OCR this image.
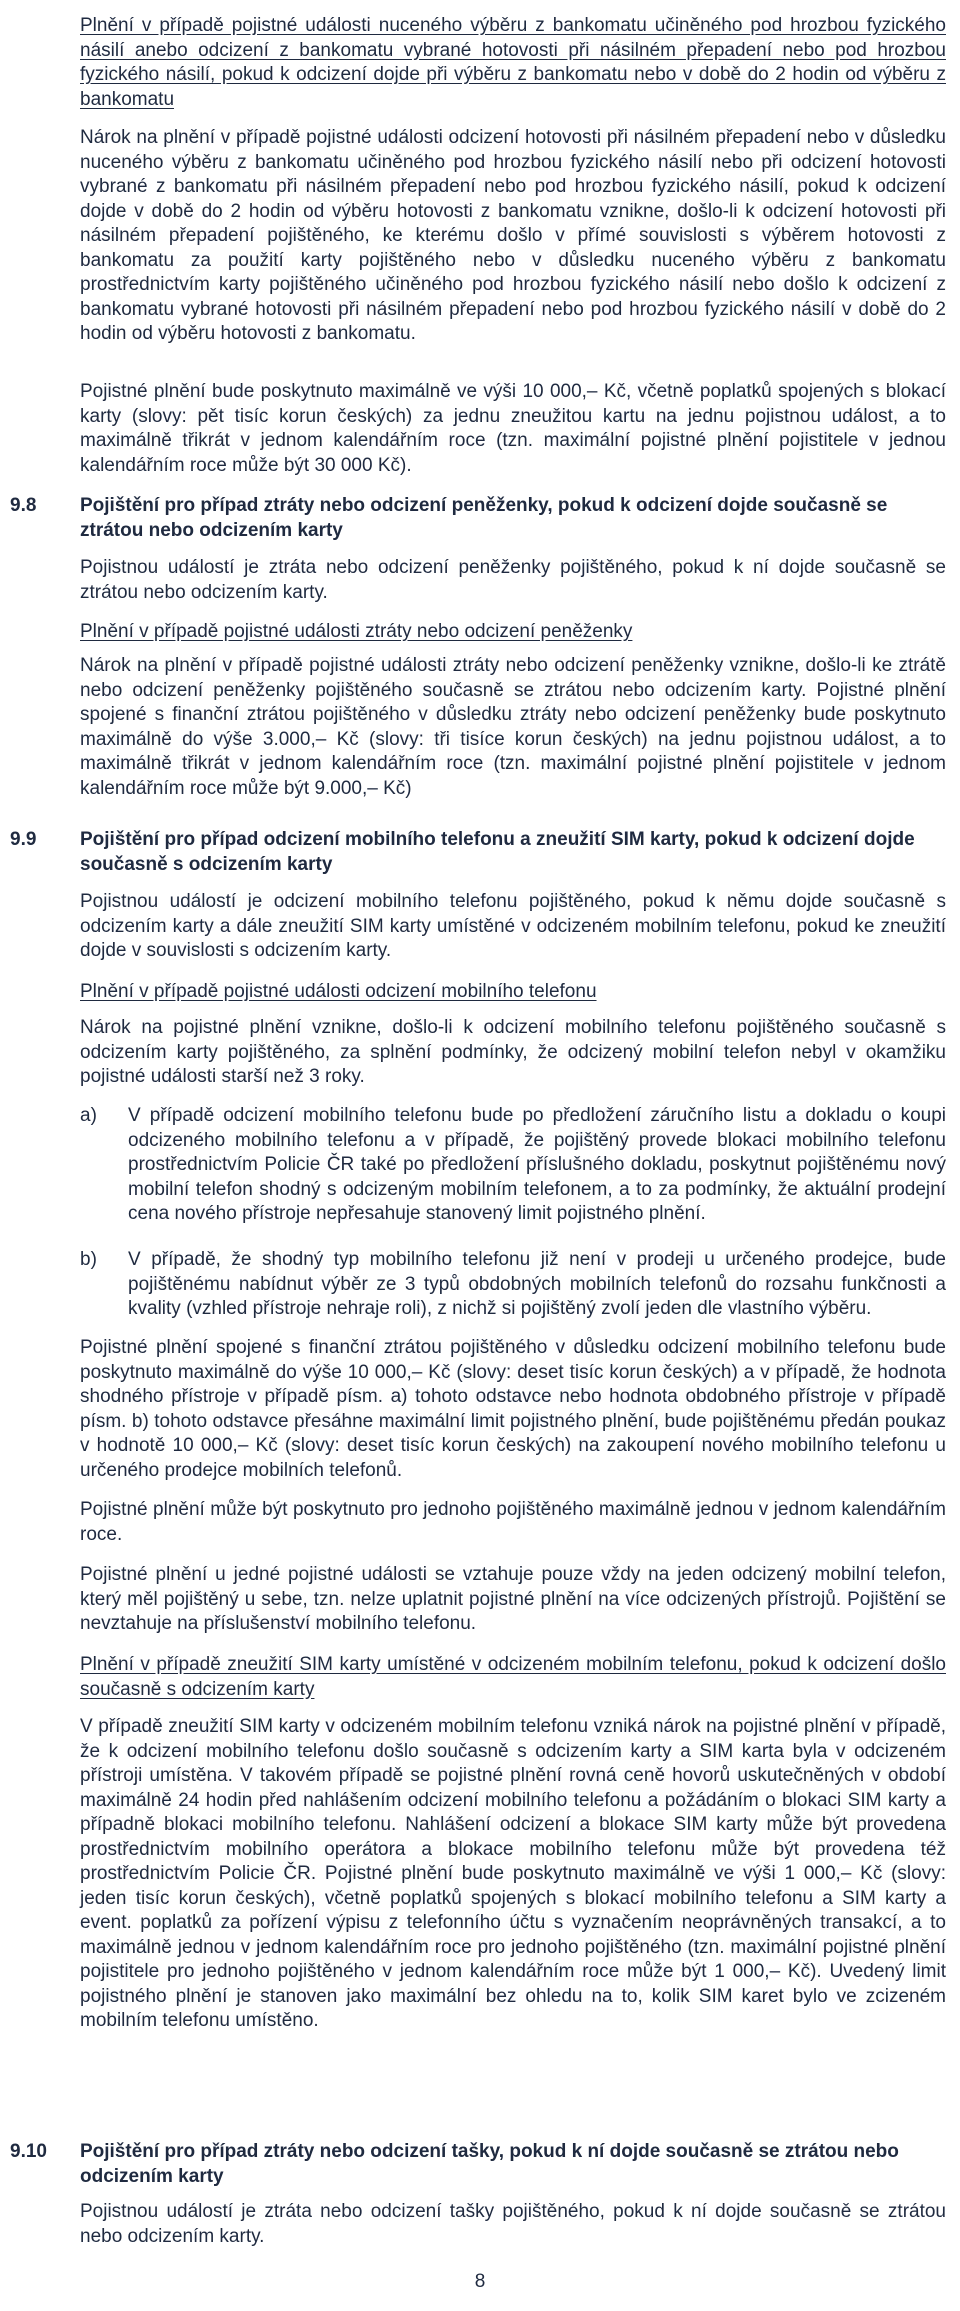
Plnění v případě pojistné události nuceného výběru z bankomatu učiněného pod hrozbou fyzického násilí anebo odcizení z bankomatu vybrané hotovosti při násilném přepadení nebo pod hrozbou fyzického násilí, pokud k odcizení dojde při výběru z bankomatu nebo v době do 2 hodin od výběru z bankomatu

Nárok na plnění v případě pojistné události odcizení hotovosti při násilném přepadení nebo v důsledku nuceného výběru z bankomatu učiněného pod hrozbou fyzického násilí nebo při odcizení hotovosti vybrané z bankomatu při násilném přepadení nebo pod hrozbou fyzického násilí, pokud k odcizení dojde v době do 2 hodin od výběru hotovosti z bankomatu vznikne, došlo-li k odcizení hotovosti při násilném přepadení pojištěného, ke kterému došlo v přímé souvislosti s výběrem hotovosti z bankomatu za použití karty pojištěného nebo v důsledku nuceného výběru z bankomatu prostřednictvím karty pojištěného učiněného pod hrozbou fyzického násilí nebo došlo k odcizení z bankomatu vybrané hotovosti při násilném přepadení nebo pod hrozbou fyzického násilí v době do 2 hodin od výběru hotovosti z bankomatu.

Pojistné plnění bude poskytnuto maximálně ve výši 10 000,– Kč, včetně poplatků spojených s blokací karty (slovy: pět tisíc korun českých) za jednu zneužitou kartu na jednu pojistnou událost, a to maximálně třikrát v jednom kalendářním roce (tzn. maximální pojistné plnění pojistitele v jednou kalendářním roce může být 30 000 Kč).

9.8 Pojištění pro případ ztráty nebo odcizení peněženky, pokud k odcizení dojde současně se ztrátou nebo odcizením karty

Pojistnou událostí je ztráta nebo odcizení peněženky pojištěného, pokud k ní dojde současně se ztrátou nebo odcizením karty.

Plnění v případě pojistné události ztráty nebo odcizení peněženky

Nárok na plnění v případě pojistné události ztráty nebo odcizení peněženky vznikne, došlo-li ke ztrátě nebo odcizení peněženky pojištěného současně se ztrátou nebo odcizením karty. Pojistné plnění spojené s finanční ztrátou pojištěného v důsledku ztráty nebo odcizení peněženky bude poskytnuto maximálně do výše 3.000,– Kč (slovy: tři tisíce korun českých) na jednu pojistnou událost, a to maximálně třikrát v jednom kalendářním roce (tzn. maximální pojistné plnění pojistitele v jednom kalendářním roce může být 9.000,– Kč)

9.9 Pojištění pro případ odcizení mobilního telefonu a zneužití SIM karty, pokud k odcizení dojde současně s odcizením karty

Pojistnou událostí je odcizení mobilního telefonu pojištěného, pokud k němu dojde současně s odcizením karty a dále zneužití SIM karty umístěné v odcizeném mobilním telefonu, pokud ke zneužití dojde v souvislosti s odcizením karty.

Plnění v případě pojistné události odcizení mobilního telefonu

Nárok na pojistné plnění vznikne, došlo-li k odcizení mobilního telefonu pojištěného současně s odcizením karty pojištěného, za splnění podmínky, že odcizený mobilní telefon nebyl v okamžiku pojistné události starší než 3 roky.

a) V případě odcizení mobilního telefonu bude po předložení záručního listu a dokladu o koupi odcizeného mobilního telefonu a v případě, že pojištěný provede blokaci mobilního telefonu prostřednictvím Policie ČR také po předložení příslušného dokladu, poskytnut pojištěnému nový mobilní telefon shodný s odcizeným mobilním telefonem, a to za podmínky, že aktuální prodejní cena nového přístroje nepřesahuje stanovený limit pojistného plnění.

b) V případě, že shodný typ mobilního telefonu již není v prodeji u určeného prodejce, bude pojištěnému nabídnut výběr ze 3 typů obdobných mobilních telefonů do rozsahu funkčnosti a kvality (vzhled přístroje nehraje roli), z nichž si pojištěný zvolí jeden dle vlastního výběru.

Pojistné plnění spojené s finanční ztrátou pojištěného v důsledku odcizení mobilního telefonu bude poskytnuto maximálně do výše 10 000,– Kč (slovy: deset tisíc korun českých) a v případě, že hodnota shodného přístroje v případě písm. a) tohoto odstavce nebo hodnota obdobného přístroje v případě písm. b) tohoto odstavce přesáhne maximální limit pojistného plnění, bude pojištěnému předán poukaz v hodnotě 10 000,– Kč (slovy: deset tisíc korun českých) na zakoupení nového mobilního telefonu u určeného prodejce mobilních telefonů.

Pojistné plnění může být poskytnuto pro jednoho pojištěného maximálně jednou v jednom kalendářním roce.

Pojistné plnění u jedné pojistné události se vztahuje pouze vždy na jeden odcizený mobilní telefon, který měl pojištěný u sebe, tzn. nelze uplatnit pojistné plnění na více odcizených přístrojů. Pojištění se nevztahuje na příslušenství mobilního telefonu.

Plnění v případě zneužití SIM karty umístěné v odcizeném mobilním telefonu, pokud k odcizení došlo současně s odcizením karty

V případě zneužití SIM karty v odcizeném mobilním telefonu vzniká nárok na pojistné plnění v případě, že k odcizení mobilního telefonu došlo současně s odcizením karty a SIM karta byla v odcizeném přístroji umístěna. V takovém případě se pojistné plnění rovná ceně hovorů uskutečněných v období maximálně 24 hodin před nahlášením odcizení mobilního telefonu a požádáním o blokaci SIM karty a případně blokaci mobilního telefonu. Nahlášení odcizení a blokace SIM karty může být provedena prostřednictvím mobilního operátora a blokace mobilního telefonu může být provedena též prostřednictvím Policie ČR. Pojistné plnění bude poskytnuto maximálně ve výši 1 000,– Kč (slovy: jeden tisíc korun českých), včetně poplatků spojených s blokací mobilního telefonu a SIM karty a event. poplatků za pořízení výpisu z telefonního účtu s vyznačením neoprávněných transakcí, a to maximálně jednou v jednom kalendářním roce pro jednoho pojištěného (tzn. maximální pojistné plnění pojistitele pro jednoho pojištěného v jednom kalendářním roce může být 1 000,– Kč). Uvedený limit pojistného plnění je stanoven jako maximální bez ohledu na to, kolik SIM karet bylo ve zcizeném mobilním telefonu umístěno.

9.10 Pojištění pro případ ztráty nebo odcizení tašky, pokud k ní dojde současně se ztrátou nebo odcizením karty

Pojistnou událostí je ztráta nebo odcizení tašky pojištěného, pokud k ní dojde současně se ztrátou nebo odcizením karty.

8
